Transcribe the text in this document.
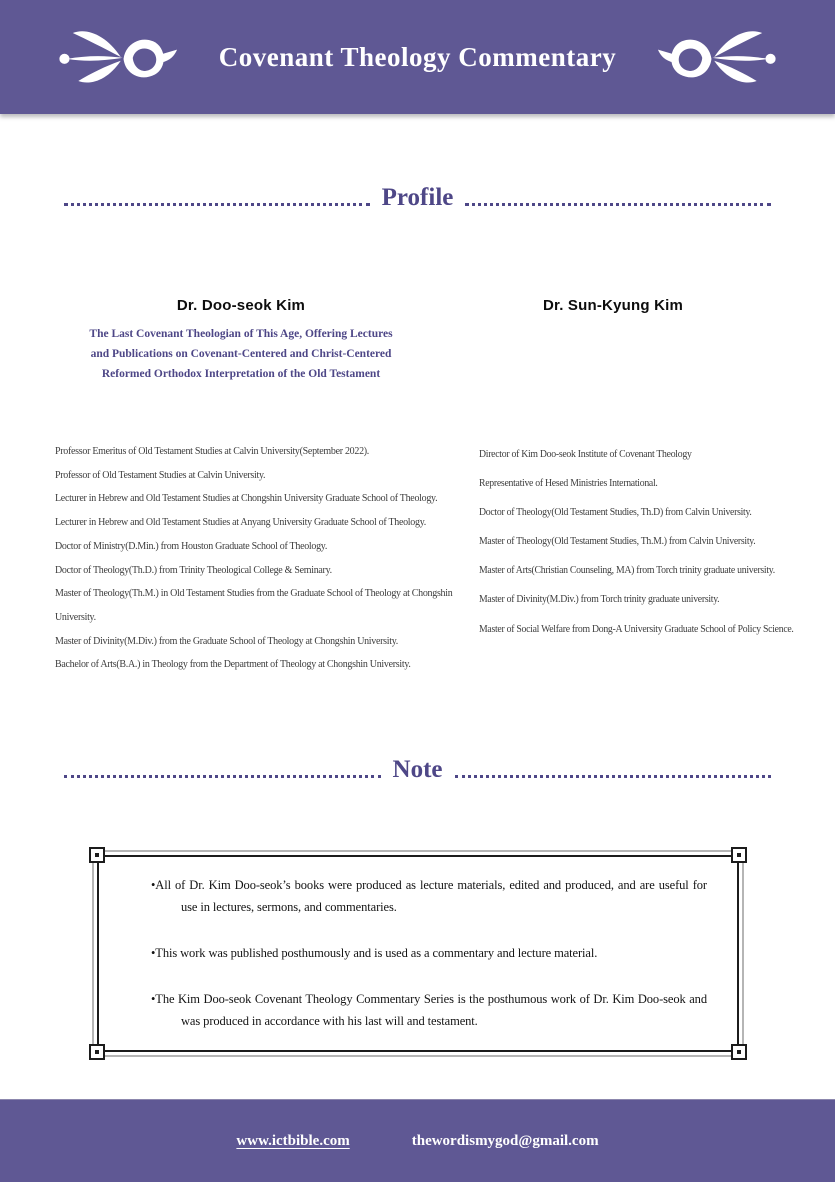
Covenant Theology Commentary
Profile
Dr. Doo-seok Kim
The Last Covenant Theologian of This Age, Offering Lectures
and Publications on Covenant-Centered and Christ-Centered
Reformed Orthodox Interpretation of the Old Testament
Professor Emeritus of Old Testament Studies at Calvin University(September 2022).
Professor of Old Testament Studies at Calvin University.
Lecturer in Hebrew and Old Testament Studies at Chongshin University Graduate School of Theology.
Lecturer in Hebrew and Old Testament Studies at Anyang University Graduate School of Theology.
Doctor of Ministry(D.Min.) from Houston Graduate School of Theology.
Doctor of Theology(Th.D.) from Trinity Theological College & Seminary.
Master of Theology(Th.M.) in Old Testament Studies from the Graduate School of Theology at Chongshin University.
Master of Divinity(M.Div.) from the Graduate School of Theology at Chongshin University.
Bachelor of Arts(B.A.) in Theology from the Department of Theology at Chongshin University.
Dr. Sun-Kyung Kim
Director of Kim Doo-seok Institute of Covenant Theology
Representative of Hesed Ministries International.
Doctor of Theology(Old Testament Studies, Th.D) from Calvin University.
Master of Theology(Old Testament Studies, Th.M.) from Calvin University.
Master of Arts(Christian Counseling, MA) from Torch trinity graduate university.
Master of Divinity(M.Div.) from Torch trinity graduate university.
Master of Social Welfare from Dong-A University Graduate School of Policy Science.
Note

•All of Dr. Kim Doo-seok’s books were produced as lecture materials, edited and produced, and are useful for use in lectures, sermons, and commentaries.

•This work was published posthumously and is used as a commentary and lecture material.

•The Kim Doo-seok Covenant Theology Commentary Series is the posthumous work of Dr. Kim Doo-seok and was produced in accordance with his last will and testament.

www.ictbible.com	thewordismygod@gmail.com
